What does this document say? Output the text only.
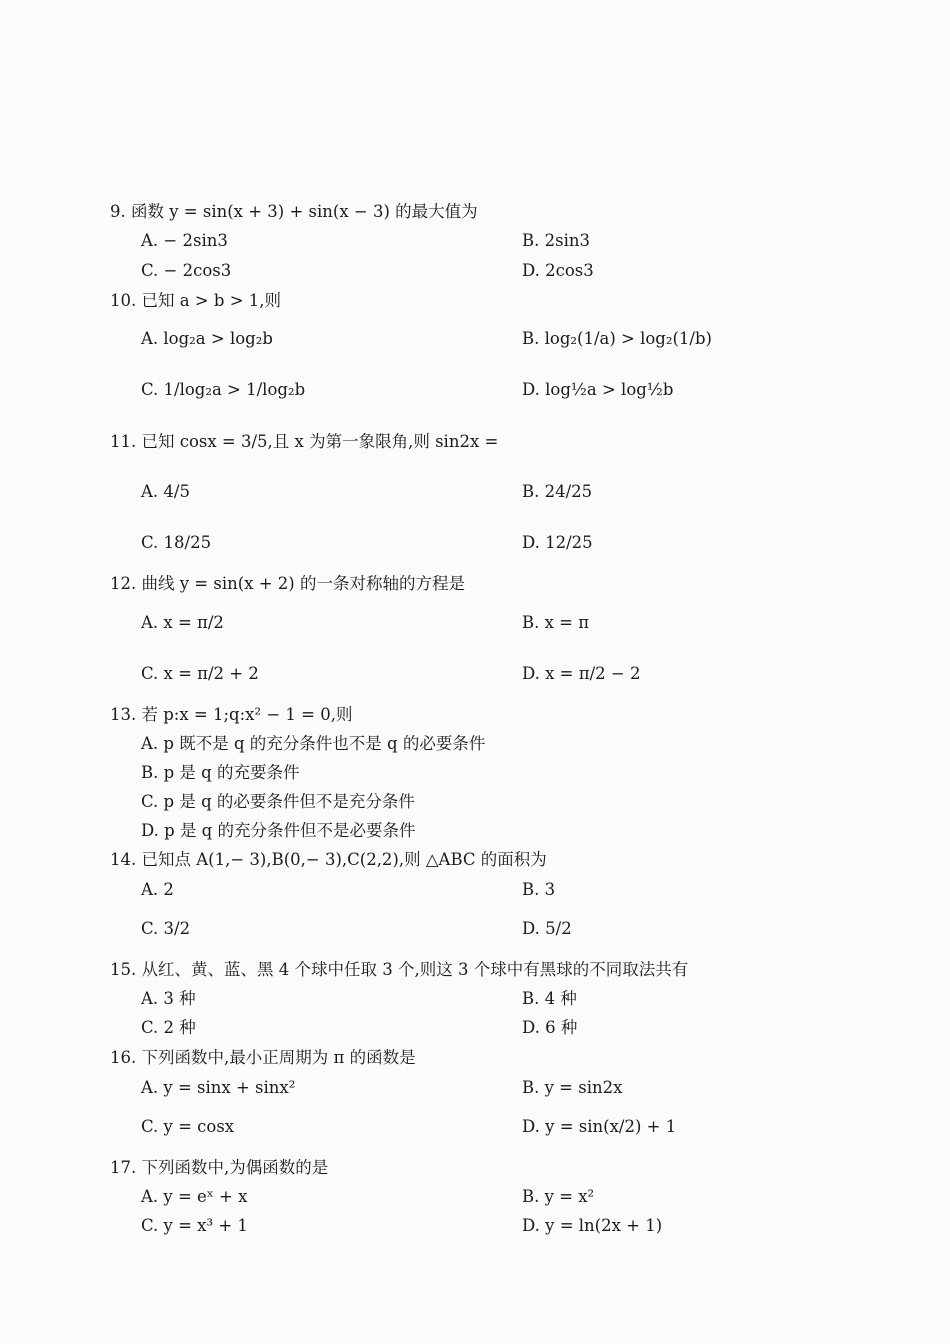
9. 函数 y = sin(x + 3) + sin(x − 3) 的最大值为
A. − 2sin3	B. 2sin3
C. − 2cos3	D. 2cos3
10. 已知 a > b > 1,则
A. log₂a > log₂b	B. log₂(1/a) > log₂(1/b)
C. 1/log₂a > 1/log₂b	D. log½a > log½b
11. 已知 cosx = 3/5,且 x 为第一象限角,则 sin2x =
A. 4/5	B. 24/25
C. 18/25	D. 12/25
12. 曲线 y = sin(x + 2) 的一条对称轴的方程是
A. x = π/2	B. x = π
C. x = π/2 + 2	D. x = π/2 − 2
13. 若 p:x = 1;q:x² − 1 = 0,则
A. p 既不是 q 的充分条件也不是 q 的必要条件
B. p 是 q 的充要条件
C. p 是 q 的必要条件但不是充分条件
D. p 是 q 的充分条件但不是必要条件
14. 已知点 A(1,− 3),B(0,− 3),C(2,2),则 △ABC 的面积为
A. 2	B. 3
C. 3/2	D. 5/2
15. 从红、黄、蓝、黑 4 个球中任取 3 个,则这 3 个球中有黑球的不同取法共有
A. 3 种	B. 4 种
C. 2 种	D. 6 种
16. 下列函数中,最小正周期为 π 的函数是
A. y = sinx + sinx²	B. y = sin2x
C. y = cosx	D. y = sin(x/2) + 1
17. 下列函数中,为偶函数的是
A. y = eˣ + x	B. y = x²
C. y = x³ + 1	D. y = ln(2x + 1)
